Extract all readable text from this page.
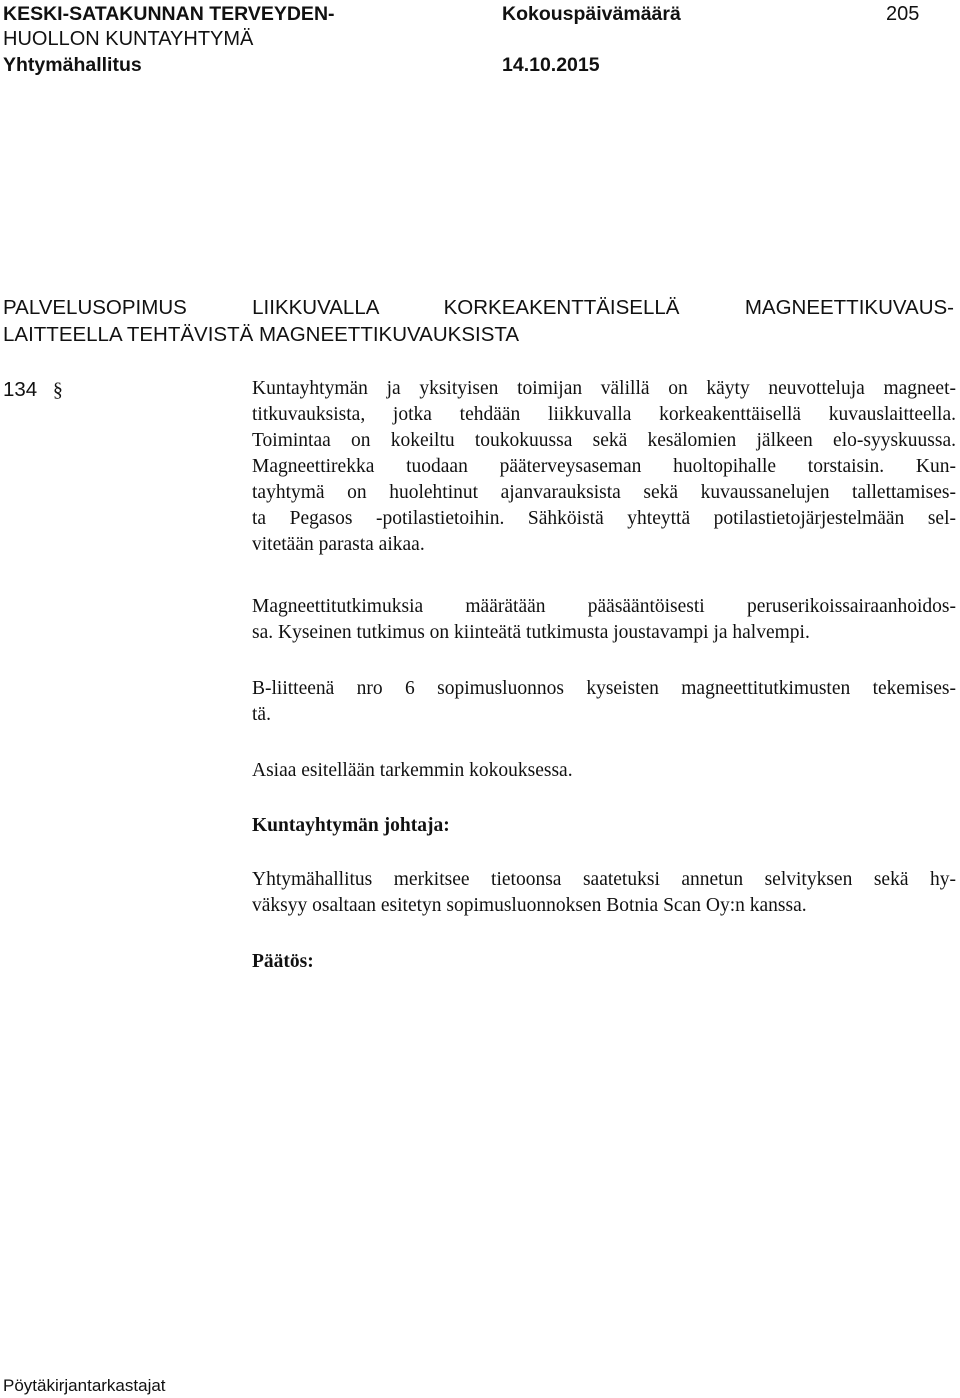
KESKI-SATAKUNNAN TERVEYDEN-
HUOLLON KUNTAYHTYMÄ
Yhtymähallitus
Kokouspäivämäärä
14.10.2015
205
PALVELUSOPIMUS	LIIKKUVALLA	KORKEAKENTTÄISELLÄ	MAGNEETTIKUVAUS-
LAITTEELLA TEHTÄVISTÄ MAGNEETTIKUVAUKSISTA
134 §	Kuntayhtymän ja yksityisen toimijan välillä on käyty neuvotteluja magneet-
titkuvauksista, jotka tehdään liikkuvalla korkeakenttäisellä kuvauslaitteella.
Toimintaa on kokeiltu toukokuussa sekä kesälomien jälkeen elo-syyskuussa.
Magneettirekka tuodaan pääterveysaseman huoltopihalle torstaisin. Kun-
tayhtymä on huolehtinut ajanvarauksista sekä kuvaussanelujen tallettamises-
ta Pegasos -potilastietoihin. Sähköistä yhteyttä potilastietojärjestelmään sel-
vitetään parasta aikaa.
Magneettitutkimuksia määrätään pääsääntöisesti peruserikoissairaanhoidos-
sa. Kyseinen tutkimus on kiinteätä tutkimusta joustavampi ja halvempi.
B-liitteenä nro 6 sopimusluonnos kyseisten magneettitutkimusten tekemises-
tä.
Asiaa esitellään tarkemmin kokouksessa.
Kuntayhtymän johtaja:
Yhtymähallitus merkitsee tietoonsa saatetuksi annetun selvityksen sekä hy-
väksyy osaltaan esitetyn sopimusluonnoksen Botnia Scan Oy:n kanssa.
Päätös:
Pöytäkirjantarkastajat
